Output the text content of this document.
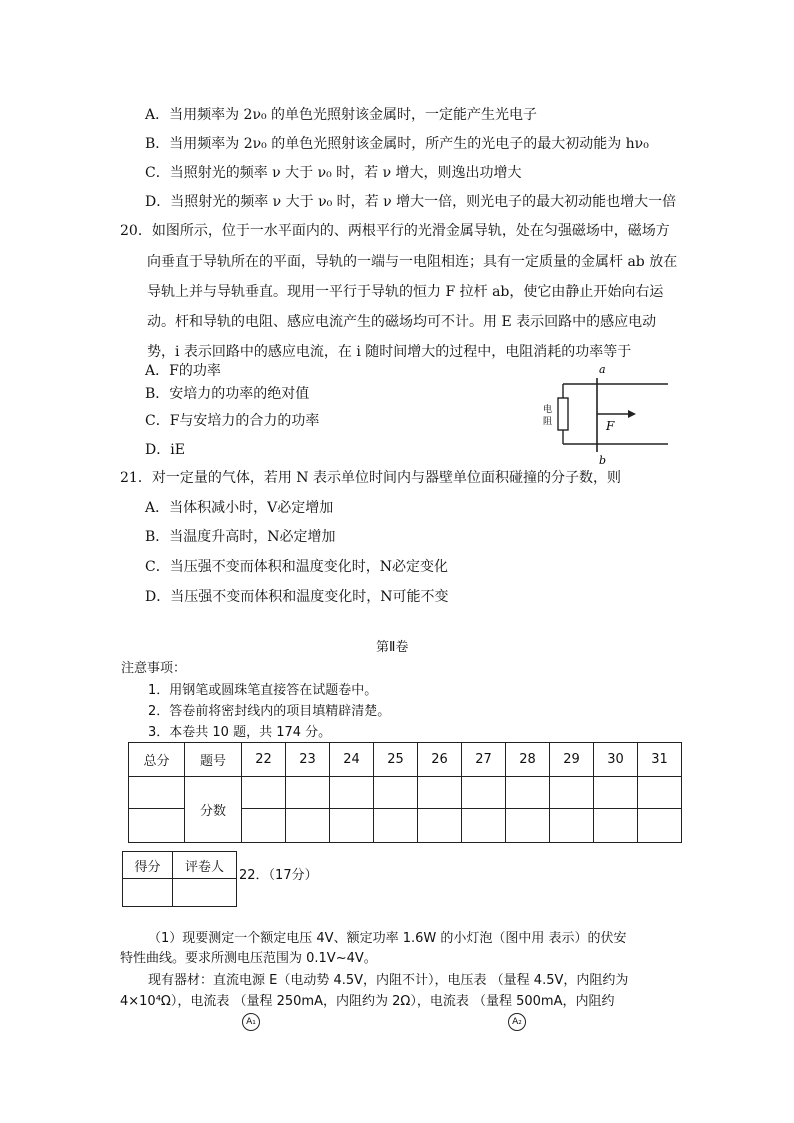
A．当用频率为 2ν₀ 的单色光照射该金属时，一定能产生光电子
B．当用频率为 2ν₀ 的单色光照射该金属时，所产生的光电子的最大初动能为 hν₀
C．当照射光的频率 ν 大于 ν₀ 时，若 ν 增大，则逸出功增大
D．当照射光的频率 ν 大于 ν₀ 时，若 ν 增大一倍，则光电子的最大初动能也增大一倍
20．如图所示，位于一水平面内的、两根平行的光滑金属导轨，处在匀强磁场中，磁场方
向垂直于导轨所在的平面，导轨的一端与一电阻相连；具有一定质量的金属杆 ab 放在
导轨上并与导轨垂直。现用一平行于导轨的恒力 F 拉杆 ab，使它由静止开始向右运
动。杆和导轨的电阻、感应电流产生的磁场均可不计。用 E 表示回路中的感应电动
势，i 表示回路中的感应电流，在 i 随时间增大的过程中，电阻消耗的功率等于
A．F的功率
B．安培力的功率的绝对值
C．F与安培力的合力的功率
D．iE
电
阻
a
b
F
21．对一定量的气体，若用 N 表示单位时间内与器壁单位面积碰撞的分子数，则
A．当体积减小时，V必定增加
B．当温度升高时，N必定增加
C．当压强不变而体积和温度变化时，N必定变化
D．当压强不变而体积和温度变化时，N可能不变
第Ⅱ卷
注意事项：
1．用钢笔或圆珠笔直接答在试题卷中。
2．答卷前将密封线内的项目填精辟清楚。
3．本卷共 10 题，共 174 分。
总分	题号	22	23	24	25	26	27	28	29	30	31
	分数										

得分	评卷人

22．（17分）
（1）现要测定一个额定电压 4V、额定功率 1.6W 的小灯泡（图中用 表示）的伏安
特性曲线。要求所测电压范围为 0.1V~4V。
现有器材：直流电源 E（电动势 4.5V，内阻不计），电压表 （量程 4.5V，内阻约为
4×10⁴Ω），电流表 （量程 250mA，内阻约为 2Ω），电流表 （量程 500mA，内阻约
A₁	A₂
